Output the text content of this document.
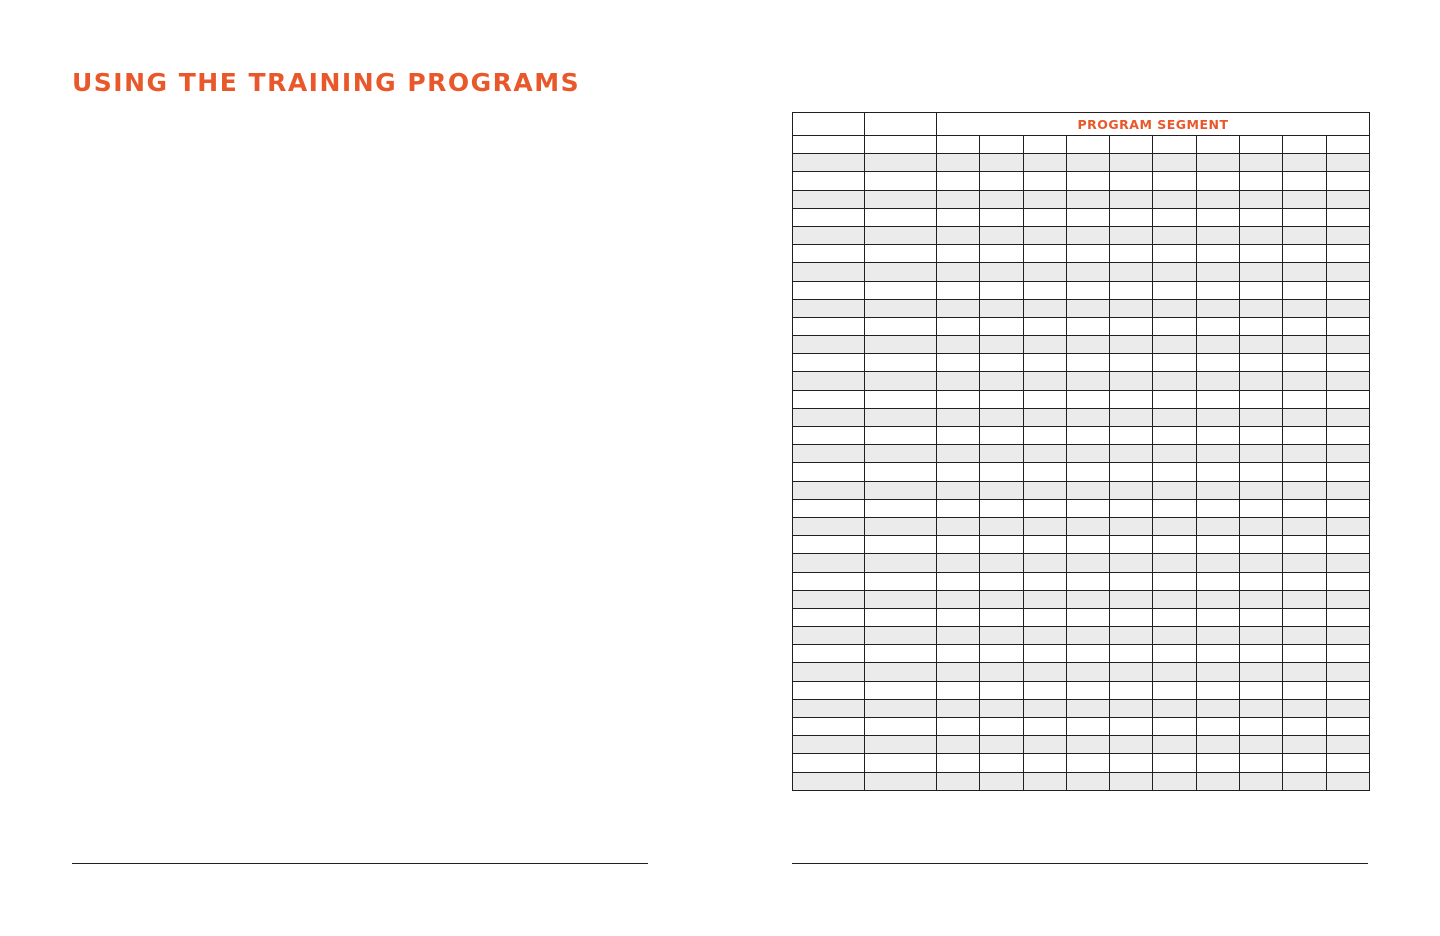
USING THE TRAINING PROGRAMS
		PROGRAM SEGMENT									
